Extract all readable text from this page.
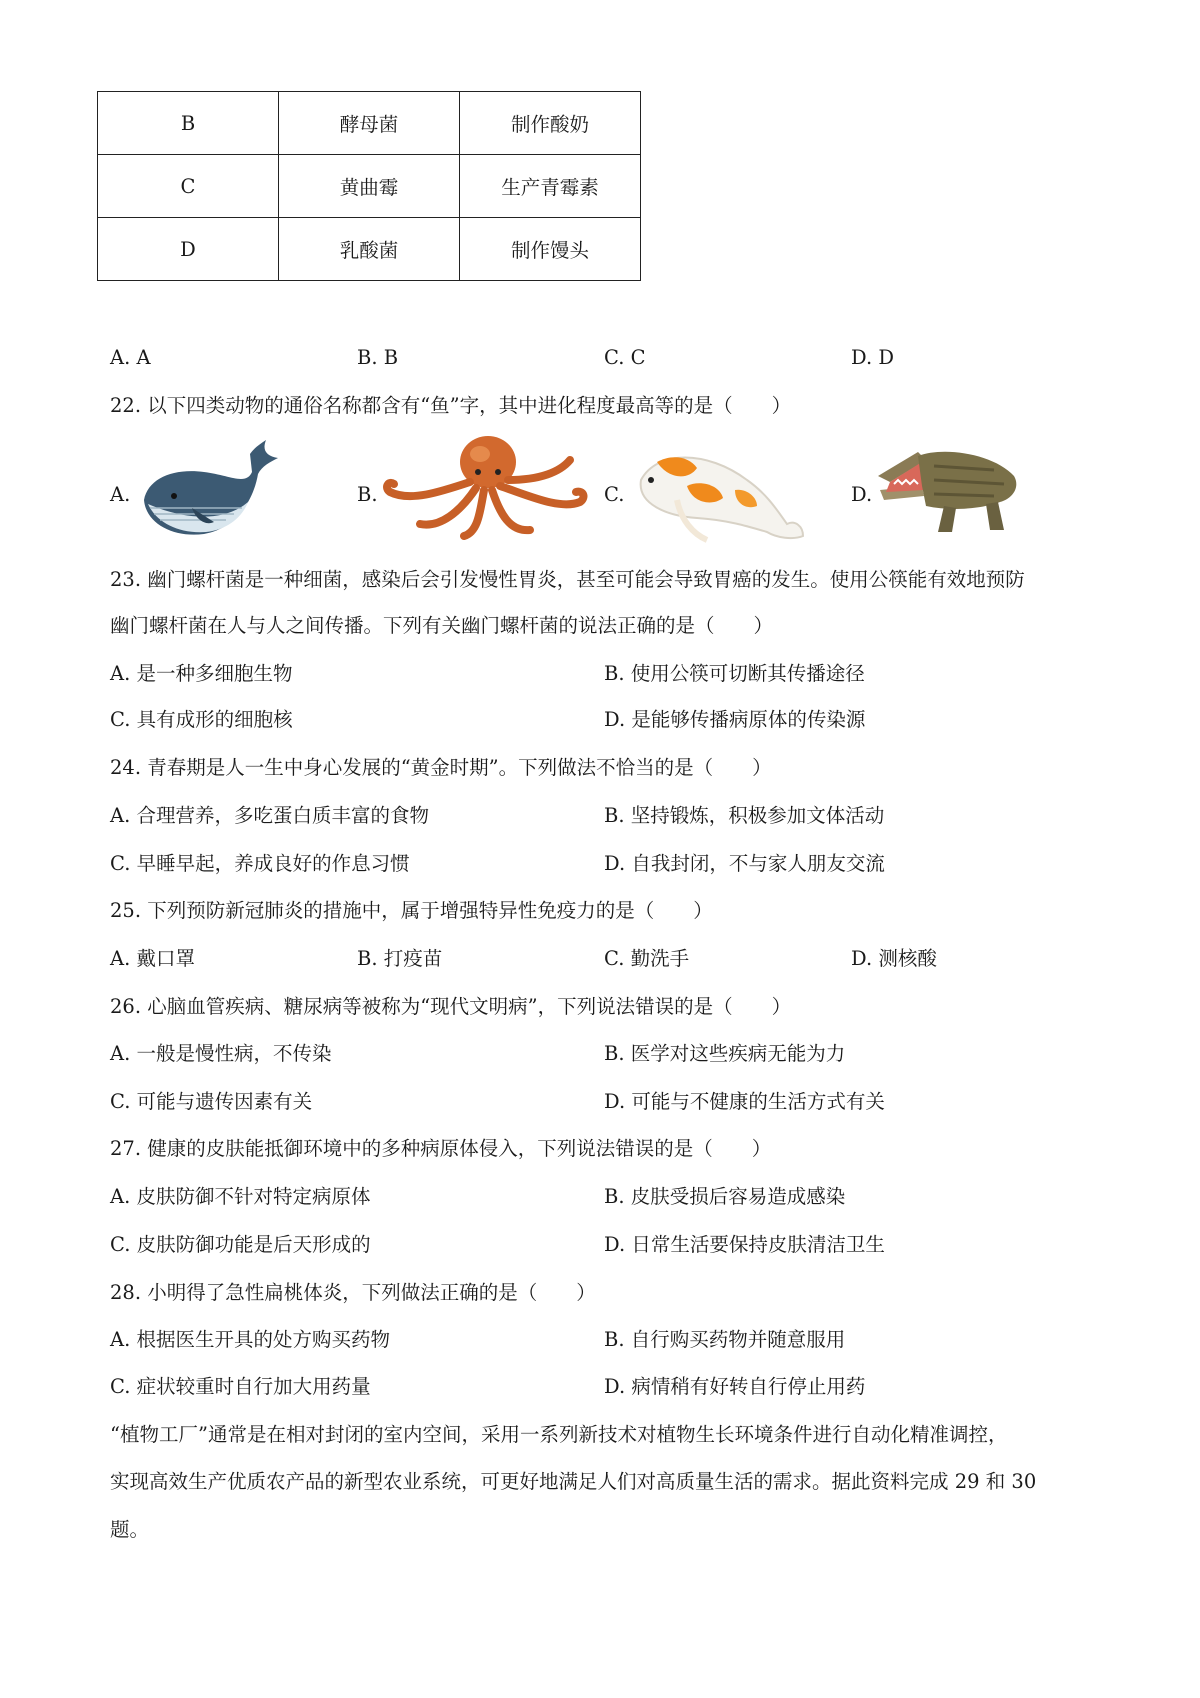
B	酵母菌	制作酸奶
C	黄曲霉	生产青霉素
D	乳酸菌	制作馒头
A. A	B. B	C. C	D. D
22. 以下四类动物的通俗名称都含有“鱼”字，其中进化程度最高等的是（　　）
A.	B.	C.	D.
23. 幽门螺杆菌是一种细菌，感染后会引发慢性胃炎，甚至可能会导致胃癌的发生。使用公筷能有效地预防
幽门螺杆菌在人与人之间传播。下列有关幽门螺杆菌的说法正确的是（　　）
A. 是一种多细胞生物	B. 使用公筷可切断其传播途径
C. 具有成形的细胞核	D. 是能够传播病原体的传染源
24. 青春期是人一生中身心发展的“黄金时期”。下列做法不恰当的是（　　）
A. 合理营养，多吃蛋白质丰富的食物	B. 坚持锻炼，积极参加文体活动
C. 早睡早起，养成良好的作息习惯	D. 自我封闭，不与家人朋友交流
25. 下列预防新冠肺炎的措施中，属于增强特异性免疫力的是（　　）
A. 戴口罩	B. 打疫苗	C. 勤洗手	D. 测核酸
26. 心脑血管疾病、糖尿病等被称为“现代文明病”，下列说法错误的是（　　）
A. 一般是慢性病，不传染	B. 医学对这些疾病无能为力
C. 可能与遗传因素有关	D. 可能与不健康的生活方式有关
27. 健康的皮肤能抵御环境中的多种病原体侵入，下列说法错误的是（　　）
A. 皮肤防御不针对特定病原体	B. 皮肤受损后容易造成感染
C. 皮肤防御功能是后天形成的	D. 日常生活要保持皮肤清洁卫生
28. 小明得了急性扁桃体炎，下列做法正确的是（　　）
A. 根据医生开具的处方购买药物	B. 自行购买药物并随意服用
C. 症状较重时自行加大用药量	D. 病情稍有好转自行停止用药
“植物工厂”通常是在相对封闭的室内空间，采用一系列新技术对植物生长环境条件进行自动化精准调控，
实现高效生产优质农产品的新型农业系统，可更好地满足人们对高质量生活的需求。据此资料完成 29 和 30
题。
